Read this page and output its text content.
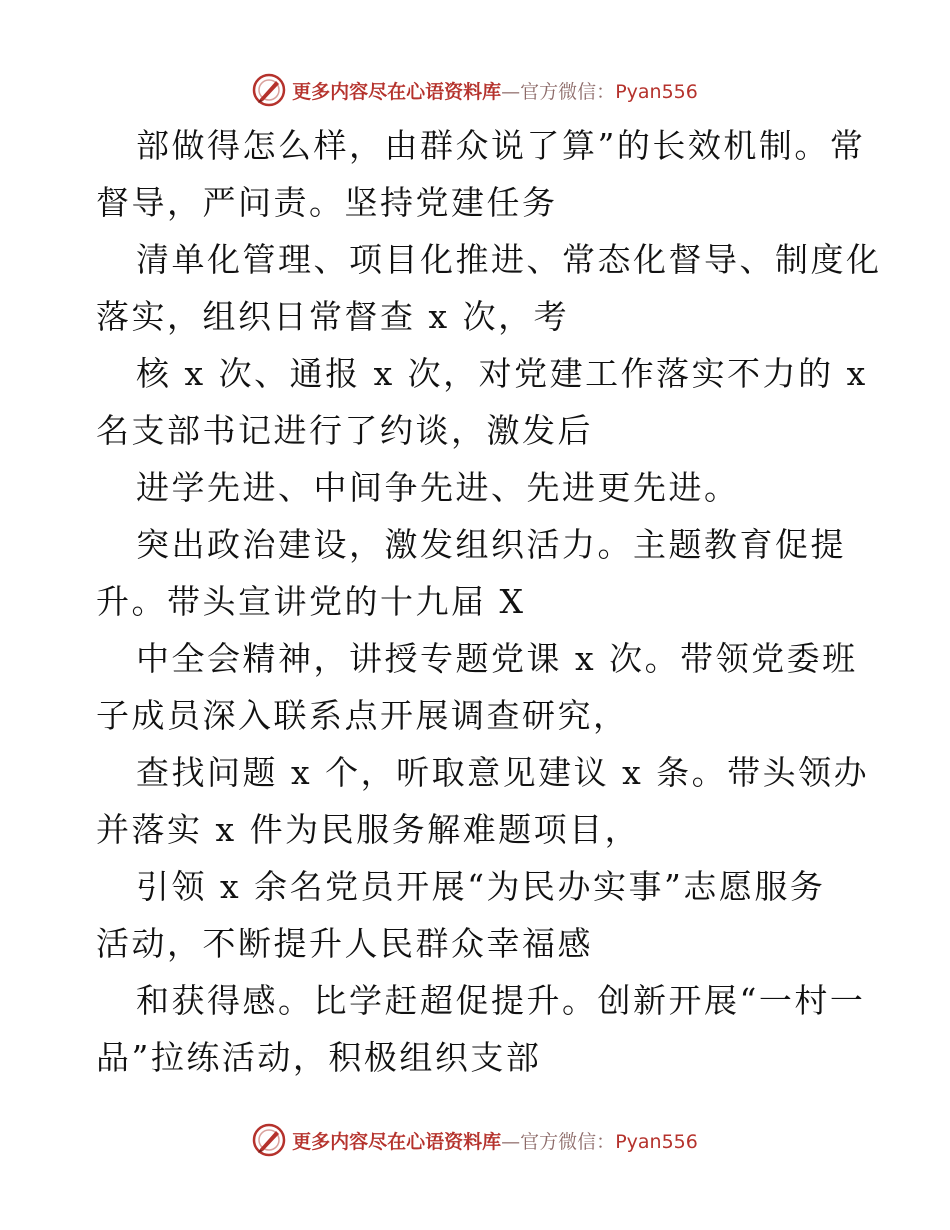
更多内容尽在心语资料库—官方微信：Pyan556
部做得怎么样，由群众说了算”的长效机制。常
督导，严问责。坚持党建任务
清单化管理、项目化推进、常态化督导、制度化
落实，组织日常督查 x 次，考
核 x 次、通报 x 次，对党建工作落实不力的 x
名支部书记进行了约谈，激发后
进学先进、中间争先进、先进更先进。
突出政治建设，激发组织活力。主题教育促提
升。带头宣讲党的十九届 X
中全会精神，讲授专题党课 x 次。带领党委班
子成员深入联系点开展调查研究，
查找问题 x 个，听取意见建议 x 条。带头领办
并落实 x 件为民服务解难题项目，
引领 x 余名党员开展“为民办实事”志愿服务
活动，不断提升人民群众幸福感
和获得感。比学赶超促提升。创新开展“一村一
品”拉练活动，积极组织支部
更多内容尽在心语资料库—官方微信：Pyan556
